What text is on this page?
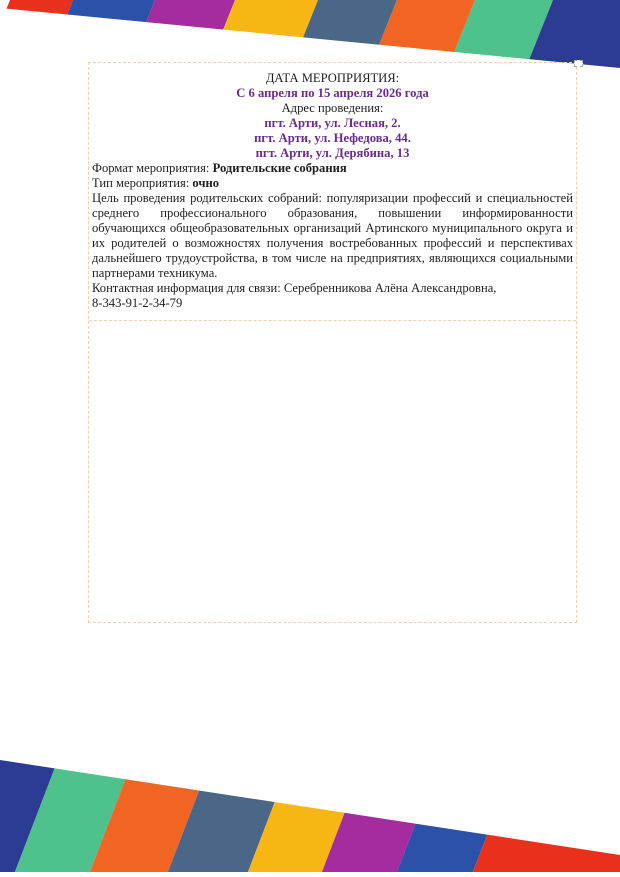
ДАТА МЕРОПРИЯТИЯ:
С 6 апреля по 15 апреля 2026 года
Адрес проведения:
пгт. Арти, ул. Лесная, 2.
пгт. Арти, ул. Нефедова, 44.
пгт. Арти, ул. Дерябина, 13
Формат мероприятия: Родительские собрания
Тип мероприятия: очно
Цель проведения родительских собраний: популяризации профессий и специальностей среднего профессионального образования, повышении информированности обучающихся общеобразовательных организаций Артинского муниципального округа и их родителей о возможностях получения востребованных профессий и перспективах дальнейшего трудоустройства, в том числе на предприятиях, являющихся социальными партнерами техникума.
Контактная информация для связи: Серебренникова Алёна Александровна,
8-343-91-2-34-79
